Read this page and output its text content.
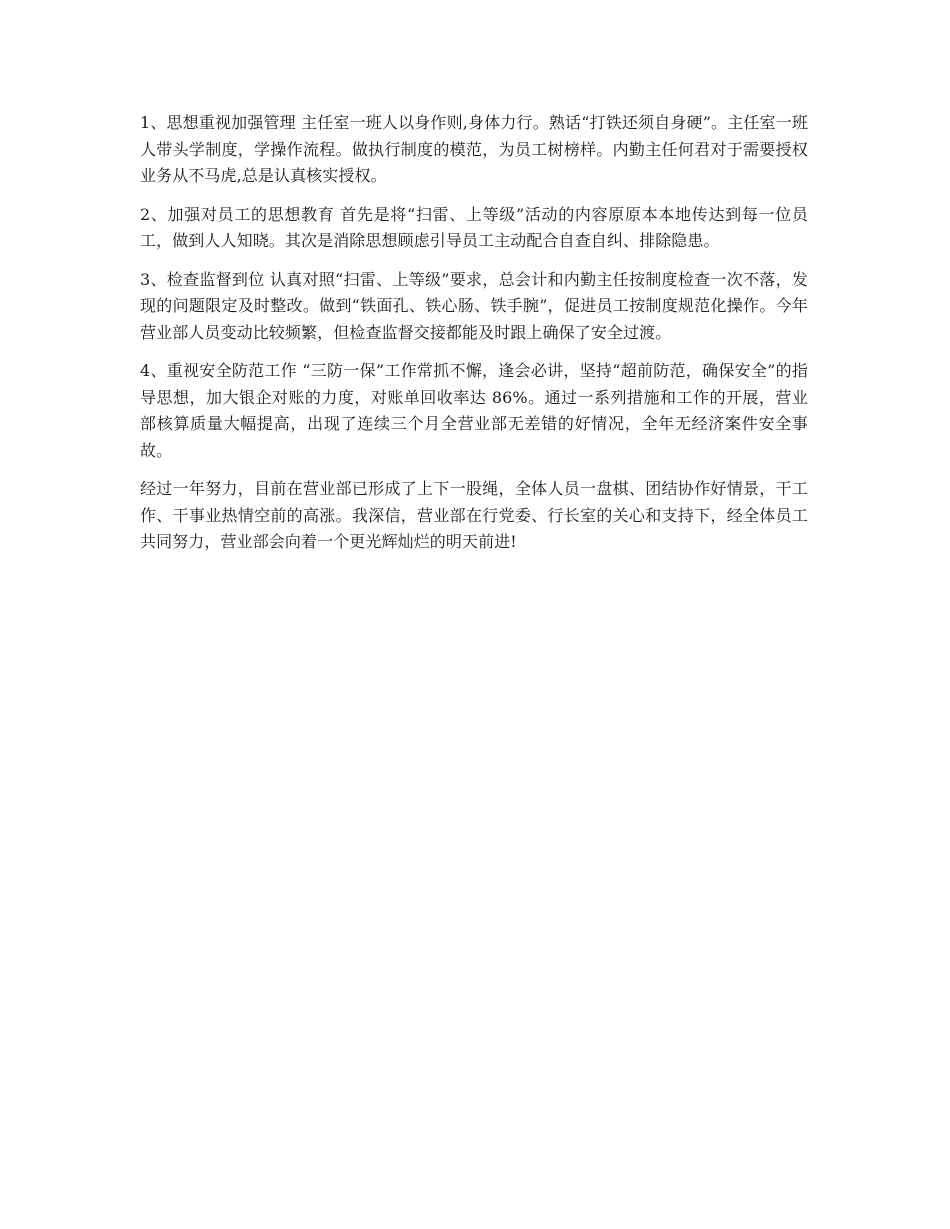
1、思想重视加强管理 主任室一班人以身作则,身体力行。熟话“打铁还须自身硬”。主任室一班人带头学制度，学操作流程。做执行制度的模范，为员工树榜样。内勤主任何君对于需要授权业务从不马虎,总是认真核实授权。

2、加强对员工的思想教育 首先是将“扫雷、上等级”活动的内容原原本本地传达到每一位员工，做到人人知晓。其次是消除思想顾虑引导员工主动配合自查自纠、排除隐患。

3、检查监督到位 认真对照“扫雷、上等级”要求，总会计和内勤主任按制度检查一次不落，发现的问题限定及时整改。做到“铁面孔、铁心肠、铁手腕”，促进员工按制度规范化操作。今年营业部人员变动比较频繁，但检查监督交接都能及时跟上确保了安全过渡。

4、重视安全防范工作 “三防一保”工作常抓不懈，逢会必讲，坚持“超前防范，确保安全”的指导思想，加大银企对账的力度，对账单回收率达 86%。通过一系列措施和工作的开展，营业部核算质量大幅提高，出现了连续三个月全营业部无差错的好情况，全年无经济案件安全事故。

经过一年努力，目前在营业部已形成了上下一股绳，全体人员一盘棋、团结协作好情景，干工作、干事业热情空前的高涨。我深信，营业部在行党委、行长室的关心和支持下，经全体员工共同努力，营业部会向着一个更光辉灿烂的明天前进!
